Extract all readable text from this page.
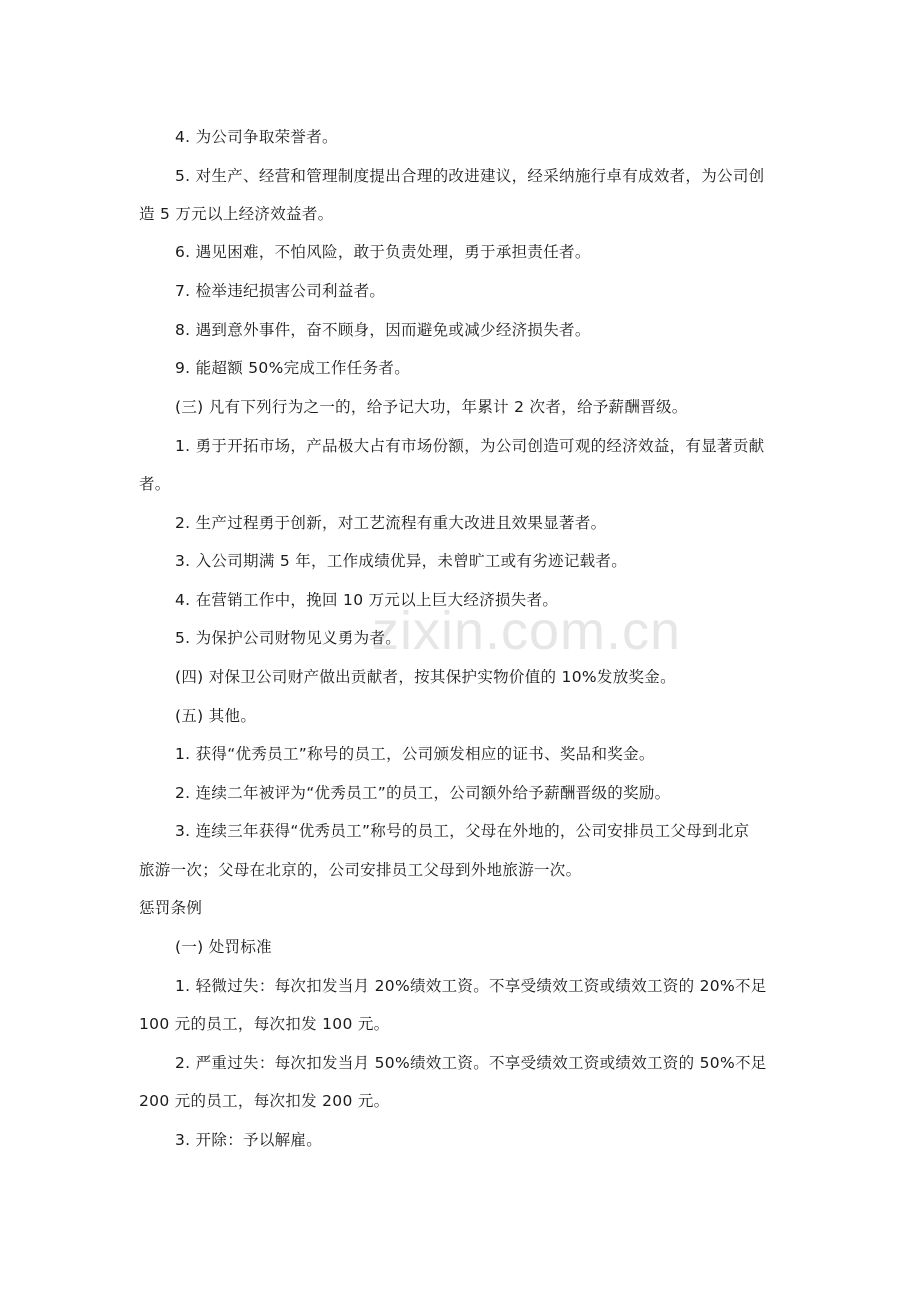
zixin.com.cn
4. 为公司争取荣誉者。
5. 对生产、经营和管理制度提出合理的改进建议，经采纳施行卓有成效者，为公司创
造 5 万元以上经济效益者。
6. 遇见困难，不怕风险，敢于负责处理，勇于承担责任者。
7. 检举违纪损害公司利益者。
8. 遇到意外事件，奋不顾身，因而避免或减少经济损失者。
9. 能超额 50%完成工作任务者。
(三) 凡有下列行为之一的，给予记大功，年累计 2 次者，给予薪酬晋级。
1. 勇于开拓市场，产品极大占有市场份额，为公司创造可观的经济效益，有显著贡献
者。
2. 生产过程勇于创新，对工艺流程有重大改进且效果显著者。
3. 入公司期满 5 年，工作成绩优异，未曾旷工或有劣迹记载者。
4. 在营销工作中，挽回 10 万元以上巨大经济损失者。
5. 为保护公司财物见义勇为者。
(四) 对保卫公司财产做出贡献者，按其保护实物价值的 10%发放奖金。
(五) 其他。
1. 获得“优秀员工”称号的员工，公司颁发相应的证书、奖品和奖金。
2. 连续二年被评为“优秀员工”的员工，公司额外给予薪酬晋级的奖励。
3. 连续三年获得“优秀员工”称号的员工，父母在外地的，公司安排员工父母到北京
旅游一次；父母在北京的，公司安排员工父母到外地旅游一次。
惩罚条例
(一) 处罚标准
1. 轻微过失：每次扣发当月 20%绩效工资。不享受绩效工资或绩效工资的 20%不足
100 元的员工，每次扣发 100 元。
2. 严重过失：每次扣发当月 50%绩效工资。不享受绩效工资或绩效工资的 50%不足
200 元的员工，每次扣发 200 元。
3. 开除：予以解雇。
